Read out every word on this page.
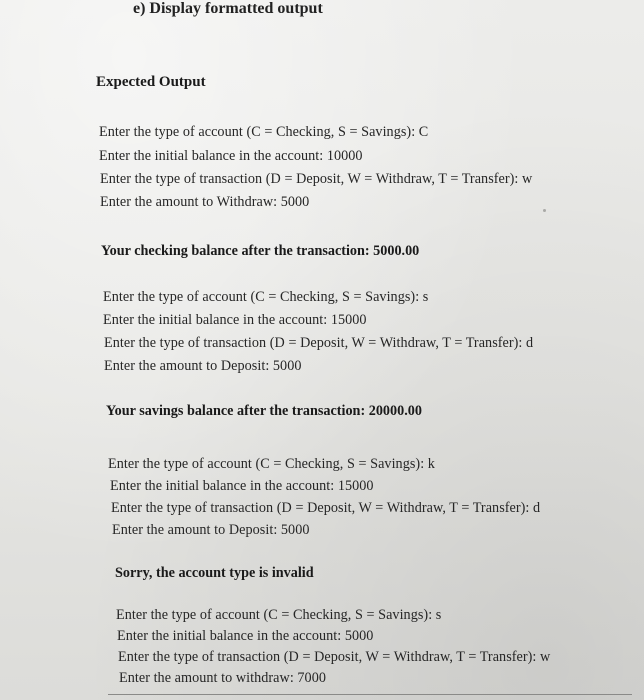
e) Display formatted output
Expected Output
Enter the type of account (C = Checking, S = Savings): C
Enter the initial balance in the account: 10000
Enter the type of transaction (D = Deposit, W = Withdraw, T = Transfer): w
Enter the amount to Withdraw: 5000
Your checking balance after the transaction: 5000.00
Enter the type of account (C = Checking, S = Savings): s
Enter the initial balance in the account: 15000
Enter the type of transaction (D = Deposit, W = Withdraw, T = Transfer): d
Enter the amount to Deposit: 5000
Your savings balance after the transaction: 20000.00
Enter the type of account (C = Checking, S = Savings): k
Enter the initial balance in the account: 15000
Enter the type of transaction (D = Deposit, W = Withdraw, T = Transfer): d
Enter the amount to Deposit: 5000
Sorry, the account type is invalid
Enter the type of account (C = Checking, S = Savings): s
Enter the initial balance in the account: 5000
Enter the type of transaction (D = Deposit, W = Withdraw, T = Transfer): w
Enter the amount to withdraw: 7000
